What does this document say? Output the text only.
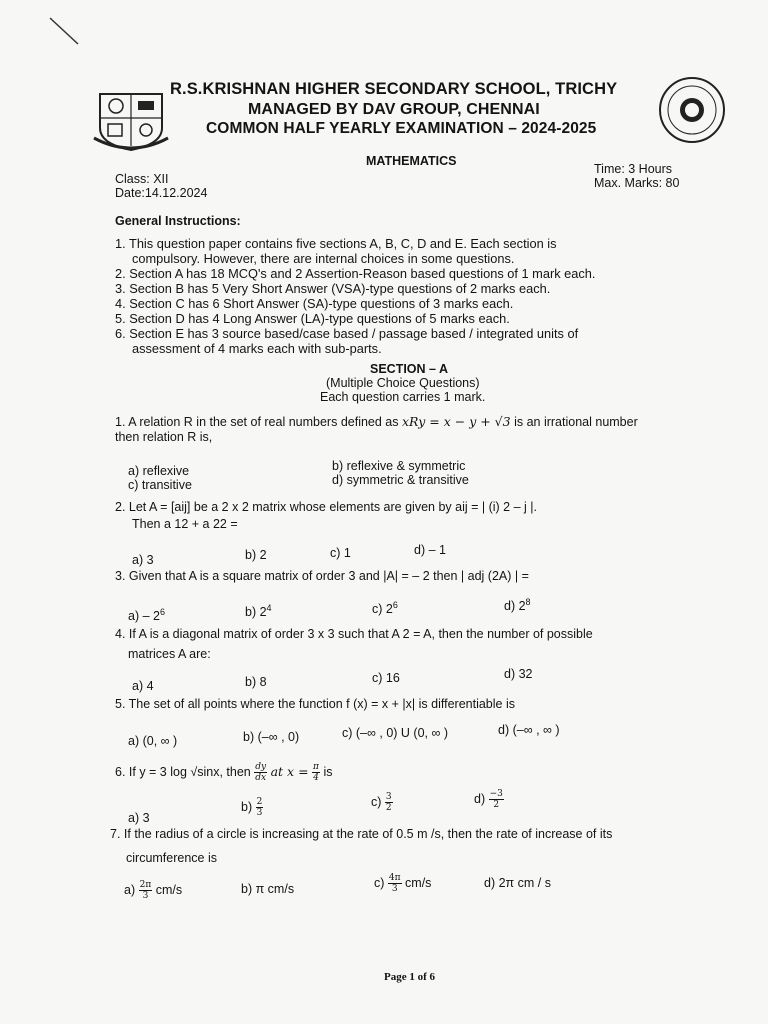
R.S.KRISHNAN HIGHER SECONDARY SCHOOL, TRICHY
MANAGED BY DAV GROUP, CHENNAI
COMMON HALF YEARLY EXAMINATION – 2024-2025
MATHEMATICS
Class: XII
Date:14.12.2024
Time: 3 Hours
Max. Marks: 80
General Instructions:
1. This question paper contains five sections A, B, C, D and E. Each section is
compulsory. However, there are internal choices in some questions.
2. Section A has 18 MCQ's and 2 Assertion-Reason based questions of 1 mark each.
3. Section B has 5 Very Short Answer (VSA)-type questions of 2 marks each.
4. Section C has 6 Short Answer (SA)-type questions of 3 marks each.
5. Section D has 4 Long Answer (LA)-type questions of 5 marks each.
6. Section E has 3 source based/case based / passage based / integrated units of
assessment of 4 marks each with sub-parts.
SECTION – A
(Multiple Choice Questions)
Each question carries 1 mark.
1. A relation R in the set of real numbers defined as xRy = x − y + √3 is an irrational number
then relation R is,
a) reflexive	b) reflexive & symmetric
c) transitive	d) symmetric & transitive
2. Let A = [aij] be a 2 x 2 matrix whose elements are given by aij = | (i) 2 – j |.
Then a 12 + a 22 =
a) 3	b) 2	c) 1	d) – 1
3. Given that A is a square matrix of order 3 and |A| = – 2 then | adj (2A) | =
$a) - 2^6$	b) $2^4$	c) $2^6$	d) $2^8$
4. If A is a diagonal matrix of order 3 x 3 such that A 2 = A, then the number of possible
matrices A are:
a) 4	b) 8	c) 16	d) 32
5. The set of all points where the function f (x) = x + |x| is differentiable is
a) (0, ∞ )	b) (–∞ , 0)	c) (–∞ , 0) U (0, ∞ )	d) (–∞ , ∞ )
6. If y = 3 log √sinx, then $\frac{dy}{dx}$ at $x = \frac{\pi}{4}$ is
a) 3
$b) \frac{2}{3}$	$c) \frac{3}{2}$	$d) \frac{-3}{2}$
7. If the radius of a circle is increasing at the rate of 0.5 m /s, then the rate of increase of its
circumference is
$a) \frac{2\pi}{3} cm/s$	b) π cm/s	$c) \frac{4\pi}{3} cm/s$	d) 2π cm / s
Page 1 of 6
